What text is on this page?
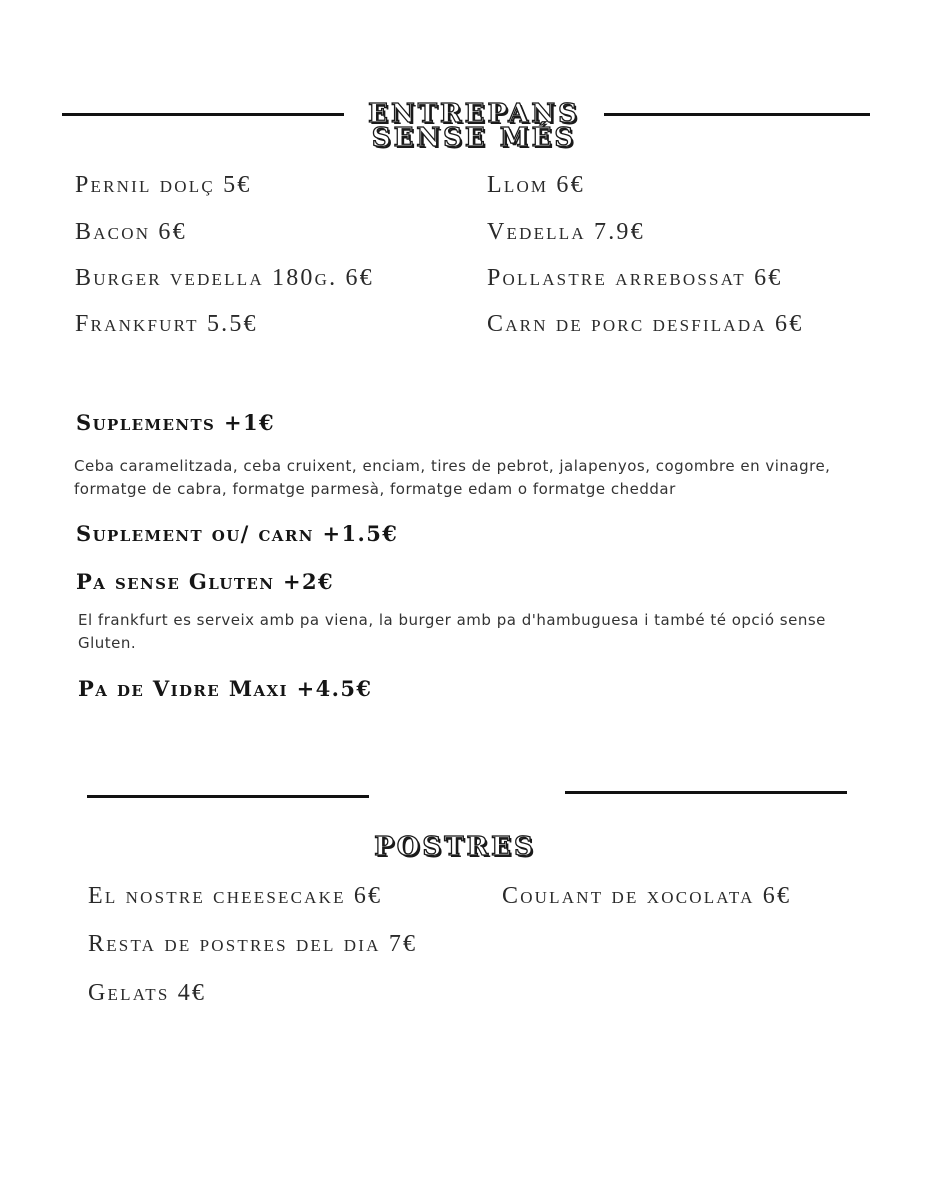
ENTREPANS
SENSE MÉS
Pernil dolç 5€
Bacon 6€
Burger vedella 180g. 6€
Frankfurt 5.5€
Llom 6€
Vedella 7.9€
Pollastre arrebossat 6€
Carn de porc desfilada 6€
Suplements +1€
Ceba caramelitzada, ceba cruixent, enciam, tires de pebrot, jalapenyos, cogombre en vinagre, formatge de cabra, formatge parmesà, formatge edam o formatge cheddar
Suplement ou/ carn +1.5€
Pa sense Gluten +2€
El frankfurt es serveix amb pa viena, la burger amb pa d'hambuguesa i també té opció sense Gluten.
Pa de Vidre Maxi +4.5€
POSTRES
El nostre cheesecake 6€
Resta de postres del dia 7€
Gelats 4€
Coulant de xocolata 6€
